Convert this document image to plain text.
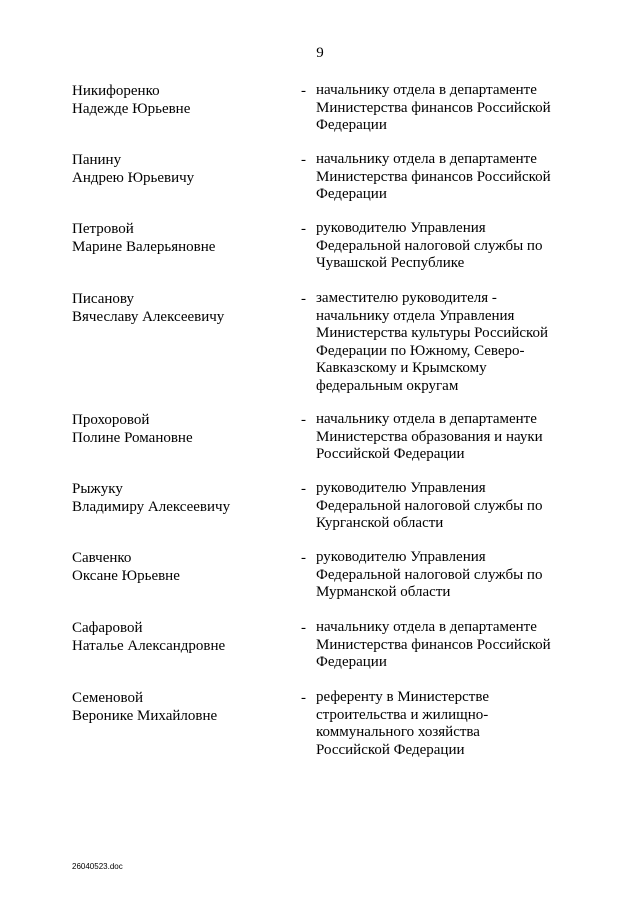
9
Никифоренко
Надежде Юрьевне
- начальнику отдела в департаменте
Министерства финансов Российской
Федерации
Панину
Андрею Юрьевичу
- начальнику отдела в департаменте
Министерства финансов Российской
Федерации
Петровой
Марине Валерьяновне
- руководителю Управления
Федеральной налоговой службы по
Чувашской Республике
Писанову
Вячеславу Алексеевичу
- заместителю руководителя -
начальнику отдела Управления
Министерства культуры Российской
Федерации по Южному, Северо-
Кавказскому и Крымскому
федеральным округам
Прохоровой
Полине Романовне
- начальнику отдела в департаменте
Министерства образования и науки
Российской Федерации
Рыжуку
Владимиру Алексеевичу
- руководителю Управления
Федеральной налоговой службы по
Курганской области
Савченко
Оксане Юрьевне
- руководителю Управления
Федеральной налоговой службы по
Мурманской области
Сафаровой
Наталье Александровне
- начальнику отдела в департаменте
Министерства финансов Российской
Федерации
Семеновой
Веронике Михайловне
- референту в Министерстве
строительства и жилищно-
коммунального хозяйства
Российской Федерации
26040523.doc
